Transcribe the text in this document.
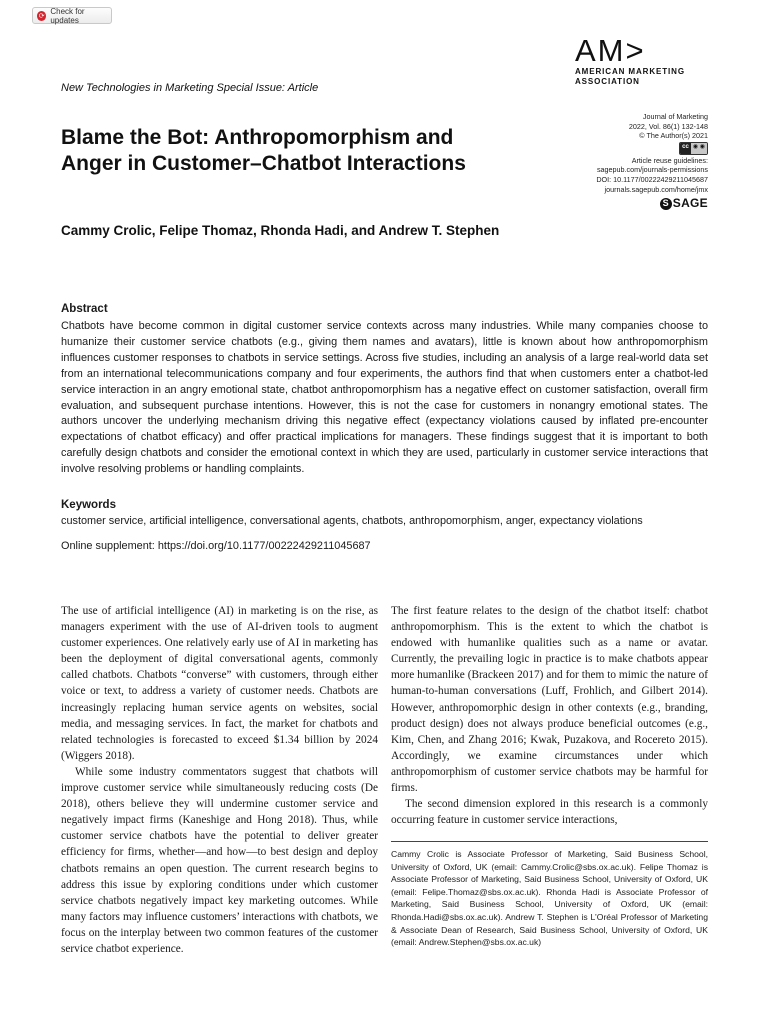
⟳
Check for updates
AM>
AMERICAN MARKETING
ASSOCIATION
New Technologies in Marketing Special Issue: Article
Blame the Bot: Anthropomorphism and
Anger in Customer–Chatbot Interactions
Journal of Marketing
2022, Vol. 86(1) 132-148
© The Author(s) 2021
cc ◉ ◉
Article reuse guidelines:
sagepub.com/journals-permissions
DOI: 10.1177/00222429211045687
journals.sagepub.com/home/jmx
S SAGE
Cammy Crolic, Felipe Thomaz, Rhonda Hadi, and Andrew T. Stephen
Abstract
Chatbots have become common in digital customer service contexts across many industries. While many companies choose to humanize their customer service chatbots (e.g., giving them names and avatars), little is known about how anthropomorphism influences customer responses to chatbots in service settings. Across five studies, including an analysis of a large real-world data set from an international telecommunications company and four experiments, the authors find that when customers enter a chatbot-led service interaction in an angry emotional state, chatbot anthropomorphism has a negative effect on customer satisfaction, overall firm evaluation, and subsequent purchase intentions. However, this is not the case for customers in nonangry emotional states. The authors uncover the underlying mechanism driving this negative effect (expectancy violations caused by inflated pre-encounter expectations of chatbot efficacy) and offer practical implications for managers. These findings suggest that it is important to both carefully design chatbots and consider the emotional context in which they are used, particularly in customer service interactions that involve resolving problems or handling complaints.
Keywords
customer service, artificial intelligence, conversational agents, chatbots, anthropomorphism, anger, expectancy violations
Online supplement: https://doi.org/10.1177/00222429211045687

The use of artificial intelligence (AI) in marketing is on the rise, as managers experiment with the use of AI-driven tools to augment customer experiences. One relatively early use of AI in marketing has been the deployment of digital conversational agents, commonly called chatbots. Chatbots “converse” with customers, through either voice or text, to address a variety of customer needs. Chatbots are increasingly replacing human service agents on websites, social media, and messaging services. In fact, the market for chatbots and related technologies is forecasted to exceed $1.34 billion by 2024 (Wiggers 2018).

While some industry commentators suggest that chatbots will improve customer service while simultaneously reducing costs (De 2018), others believe they will undermine customer service and negatively impact firms (Kaneshige and Hong 2018). Thus, while customer service chatbots have the potential to deliver greater efficiency for firms, whether—and how—to best design and deploy chatbots remains an open question. The current research begins to address this issue by exploring conditions under which customer service chatbots negatively impact key marketing outcomes. While many factors may influence customers’ interactions with chatbots, we focus on the interplay between two common features of the customer service chatbot experience.

The first feature relates to the design of the chatbot itself: chatbot anthropomorphism. This is the extent to which the chatbot is endowed with humanlike qualities such as a name or avatar. Currently, the prevailing logic in practice is to make chatbots appear more humanlike (Brackeen 2017) and for them to mimic the nature of human-to-human conversations (Luff, Frohlich, and Gilbert 2014). However, anthropomorphic design in other contexts (e.g., branding, product design) does not always produce beneficial outcomes (e.g., Kim, Chen, and Zhang 2016; Kwak, Puzakova, and Rocereto 2015). Accordingly, we examine circumstances under which anthropomorphism of customer service chatbots may be harmful for firms.

The second dimension explored in this research is a commonly occurring feature in customer service interactions,

Cammy Crolic is Associate Professor of Marketing, Said Business School, University of Oxford, UK (email: Cammy.Crolic@sbs.ox.ac.uk). Felipe Thomaz is Associate Professor of Marketing, Said Business School, University of Oxford, UK (email: Felipe.Thomaz@sbs.ox.ac.uk). Rhonda Hadi is Associate Professor of Marketing, Said Business School, University of Oxford, UK (email: Rhonda.Hadi@sbs.ox.ac.uk). Andrew T. Stephen is L’Oréal Professor of Marketing & Associate Dean of Research, Said Business School, University of Oxford, UK (email: Andrew.Stephen@sbs.ox.ac.uk)
